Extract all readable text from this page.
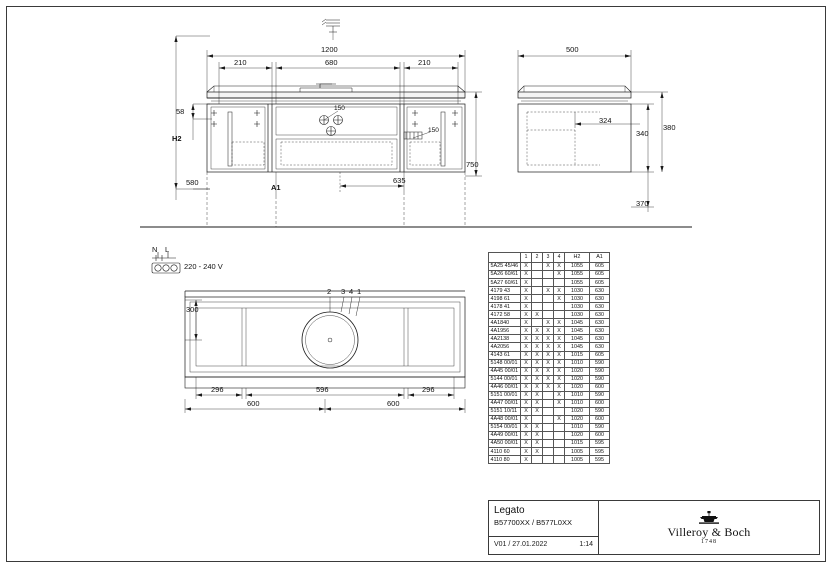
1200
210	680	210
58
H2
580
750
635
150
150
A1
500
324
340
380
370
N L
220 - 240 V
300
296	596	296
600	600
2 3 4 1
	1	2	3	4	H2	A1
5A25 45/46	X		X	X	1055	605
5A26 60/61	X			X	1055	605
5A27 60/61	X				1055	605
4179 43	X		X	X	1030	630
4198 61	X			X	1030	630
4178 41	X				1030	630
4172 58	X	X			1030	630
4A1840	X		X	X	1045	630
4A1956	X	X	X	X	1045	630
4A2138	X	X	X	X	1045	630
4A2056	X	X	X	X	1045	630
4143 61	X	X	X	X	1015	605
5148 00/01	X	X	X	X	1010	590
4A45 00/01	X	X	X	X	1020	590
5144 00/01	X	X	X	X	1020	590
4A46 00/01	X	X	X	X	1020	600
5151 00/01	X	X		X	1010	590
4A47 00/01	X	X		X	1010	600
5151 10/11	X	X			1020	590
4A48 00/01	X			X	1020	600
5154 00/01	X	X			1010	590
4A49 00/01	X	X			1020	600
4A50 00/01	X	X			1015	595
4110 60	X	X			1005	595
4110 80	X				1005	595
Legato
B57700XX / B577L0XX
V01 / 27.01.2022	1:14
Villeroy & Boch
1748
